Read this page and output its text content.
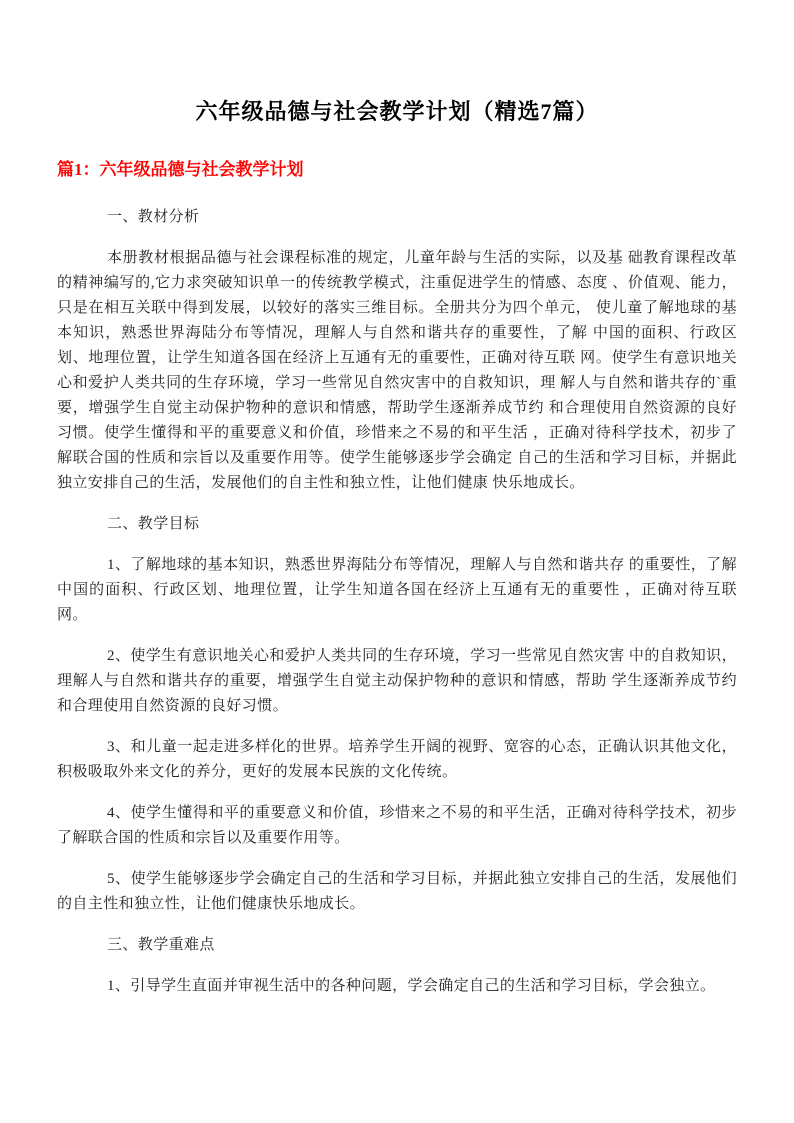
六年级品德与社会教学计划（精选7篇）
篇1：六年级品德与社会教学计划

一、教材分析

本册教材根据品德与社会课程标准的规定，儿童年龄与生活的实际，以及基 础教育课程改革的精神编写的,它力求突破知识单一的传统教学模式，注重促进学生的情感、态度 、价值观、能力，只是在相互关联中得到发展，以较好的落实三维目标。全册共分为四个单元， 使儿童了解地球的基本知识，熟悉世界海陆分布等情况，理解人与自然和谐共存的重要性，了解 中国的面积、行政区划、地理位置，让学生知道各国在经济上互通有无的重要性，正确对待互联 网。使学生有意识地关心和爱护人类共同的生存环境，学习一些常见自然灾害中的自救知识，理 解人与自然和谐共存的`重要，增强学生自觉主动保护物种的意识和情感，帮助学生逐渐养成节约 和合理使用自然资源的良好习惯。使学生懂得和平的重要意义和价值，珍惜来之不易的和平生活 ，正确对待科学技术，初步了解联合国的性质和宗旨以及重要作用等。使学生能够逐步学会确定 自己的生活和学习目标，并据此独立安排自己的生活，发展他们的自主性和独立性，让他们健康 快乐地成长。

二、教学目标

1、了解地球的基本知识，熟悉世界海陆分布等情况，理解人与自然和谐共存 的重要性，了解中国的面积、行政区划、地理位置，让学生知道各国在经济上互通有无的重要性 ，正确对待互联网。

2、使学生有意识地关心和爱护人类共同的生存环境，学习一些常见自然灾害 中的自救知识，理解人与自然和谐共存的重要，增强学生自觉主动保护物种的意识和情感，帮助 学生逐渐养成节约和合理使用自然资源的良好习惯。

3、和儿童一起走进多样化的世界。培养学生开阔的视野、宽容的心态，正确认识其他文化，积极吸取外来文化的养分，更好的发展本民族的文化传统。

4、使学生懂得和平的重要意义和价值，珍惜来之不易的和平生活，正确对待科学技术，初步了解联合国的性质和宗旨以及重要作用等。

5、使学生能够逐步学会确定自己的生活和学习目标，并据此独立安排自己的生活，发展他们的自主性和独立性，让他们健康快乐地成长。

三、教学重难点

1、引导学生直面并审视生活中的各种问题，学会确定自己的生活和学习目标，学会独立。
